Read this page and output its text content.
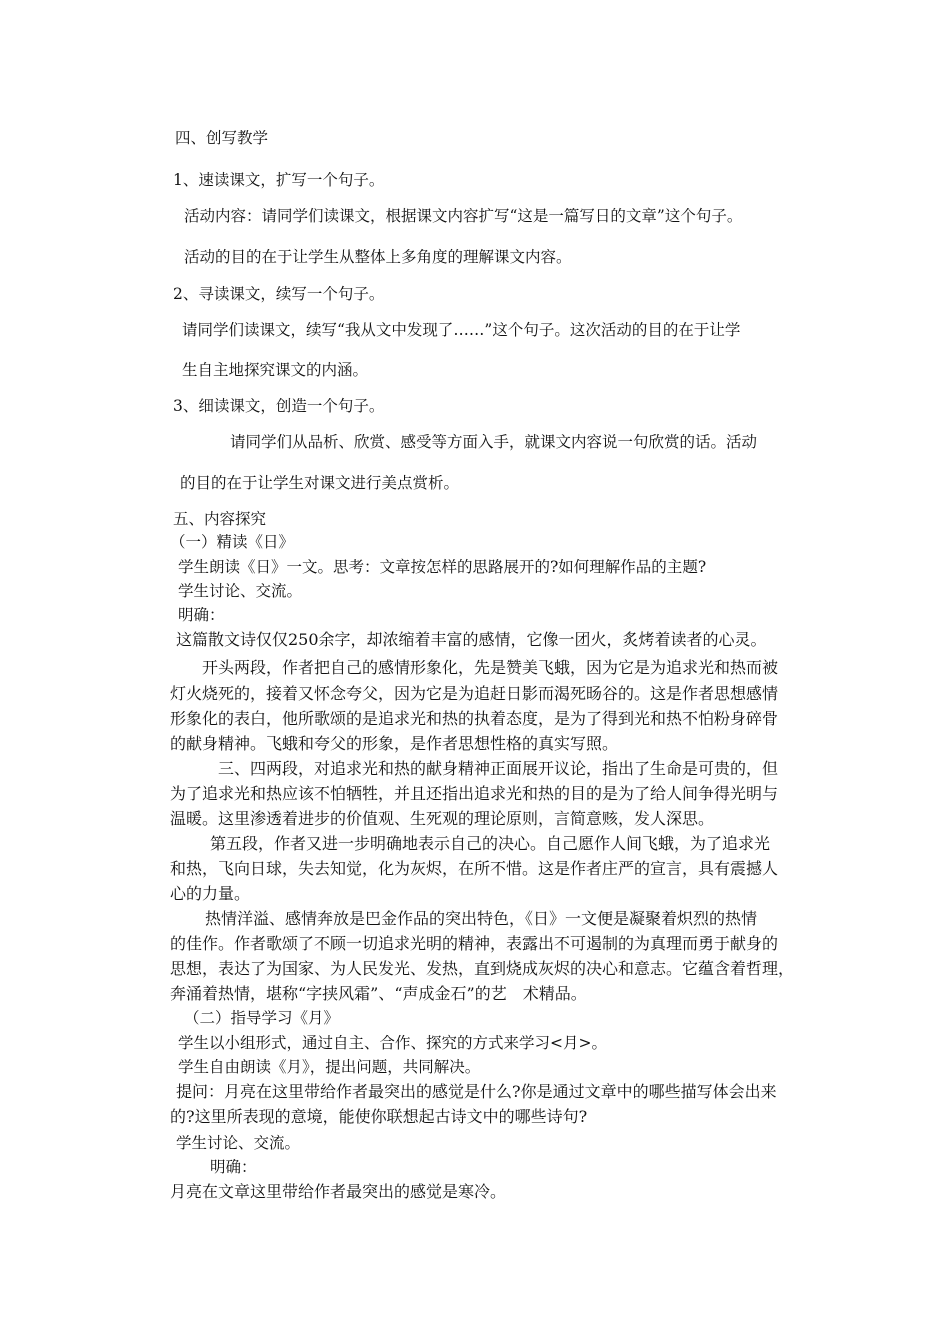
四、创写教学
1、速读课文，扩写一个句子。
活动内容：请同学们读课文，根据课文内容扩写“这是一篇写日的文章”这个句子。
活动的目的在于让学生从整体上多角度的理解课文内容。
2、寻读课文，续写一个句子。
请同学们读课文，续写“我从文中发现了……”这个句子。这次活动的目的在于让学
生自主地探究课文的内涵。
3、细读课文，创造一个句子。
请同学们从品析、欣赏、感受等方面入手，就课文内容说一句欣赏的话。活动
的目的在于让学生对课文进行美点赏析。
五、内容探究
（一）精读《日》
学生朗读《日》一文。思考：文章按怎样的思路展开的?如何理解作品的主题?
学生讨论、交流。
明确：
这篇散文诗仅仅250余字，却浓缩着丰富的感情，它像一团火，炙烤着读者的心灵。
开头两段，作者把自己的感情形象化，先是赞美飞蛾，因为它是为追求光和热而被
灯火烧死的，接着又怀念夸父，因为它是为追赶日影而渴死旸谷的。这是作者思想感情
形象化的表白，他所歌颂的是追求光和热的执着态度，是为了得到光和热不怕粉身碎骨
的献身精神。飞蛾和夸父的形象，是作者思想性格的真实写照。
三、四两段，对追求光和热的献身精神正面展开议论，指出了生命是可贵的，但
为了追求光和热应该不怕牺牲，并且还指出追求光和热的目的是为了给人间争得光明与
温暖。这里渗透着进步的价值观、生死观的理论原则，言简意赅，发人深思。
第五段，作者又进一步明确地表示自己的决心。自己愿作人间飞蛾，为了追求光
和热，飞向日球，失去知觉，化为灰烬，在所不惜。这是作者庄严的宣言，具有震撼人
心的力量。
热情洋溢、感情奔放是巴金作品的突出特色，《日》一文便是凝聚着炽烈的热情
的佳作。作者歌颂了不顾一切追求光明的精神，表露出不可遏制的为真理而勇于献身的
思想，表达了为国家、为人民发光、发热，直到烧成灰烬的决心和意志。它蕴含着哲理，
奔涌着热情，堪称“字挟风霜”、“声成金石”的艺　术精品。
（二）指导学习《月》
学生以小组形式，通过自主、合作、探究的方式来学习<月>。
学生自由朗读《月》，提出问题，共同解决。
提问：月亮在这里带给作者最突出的感觉是什么?你是通过文章中的哪些描写体会出来
的?这里所表现的意境，能使你联想起古诗文中的哪些诗句?
学生讨论、交流。
明确：
月亮在文章这里带给作者最突出的感觉是寒冷。
